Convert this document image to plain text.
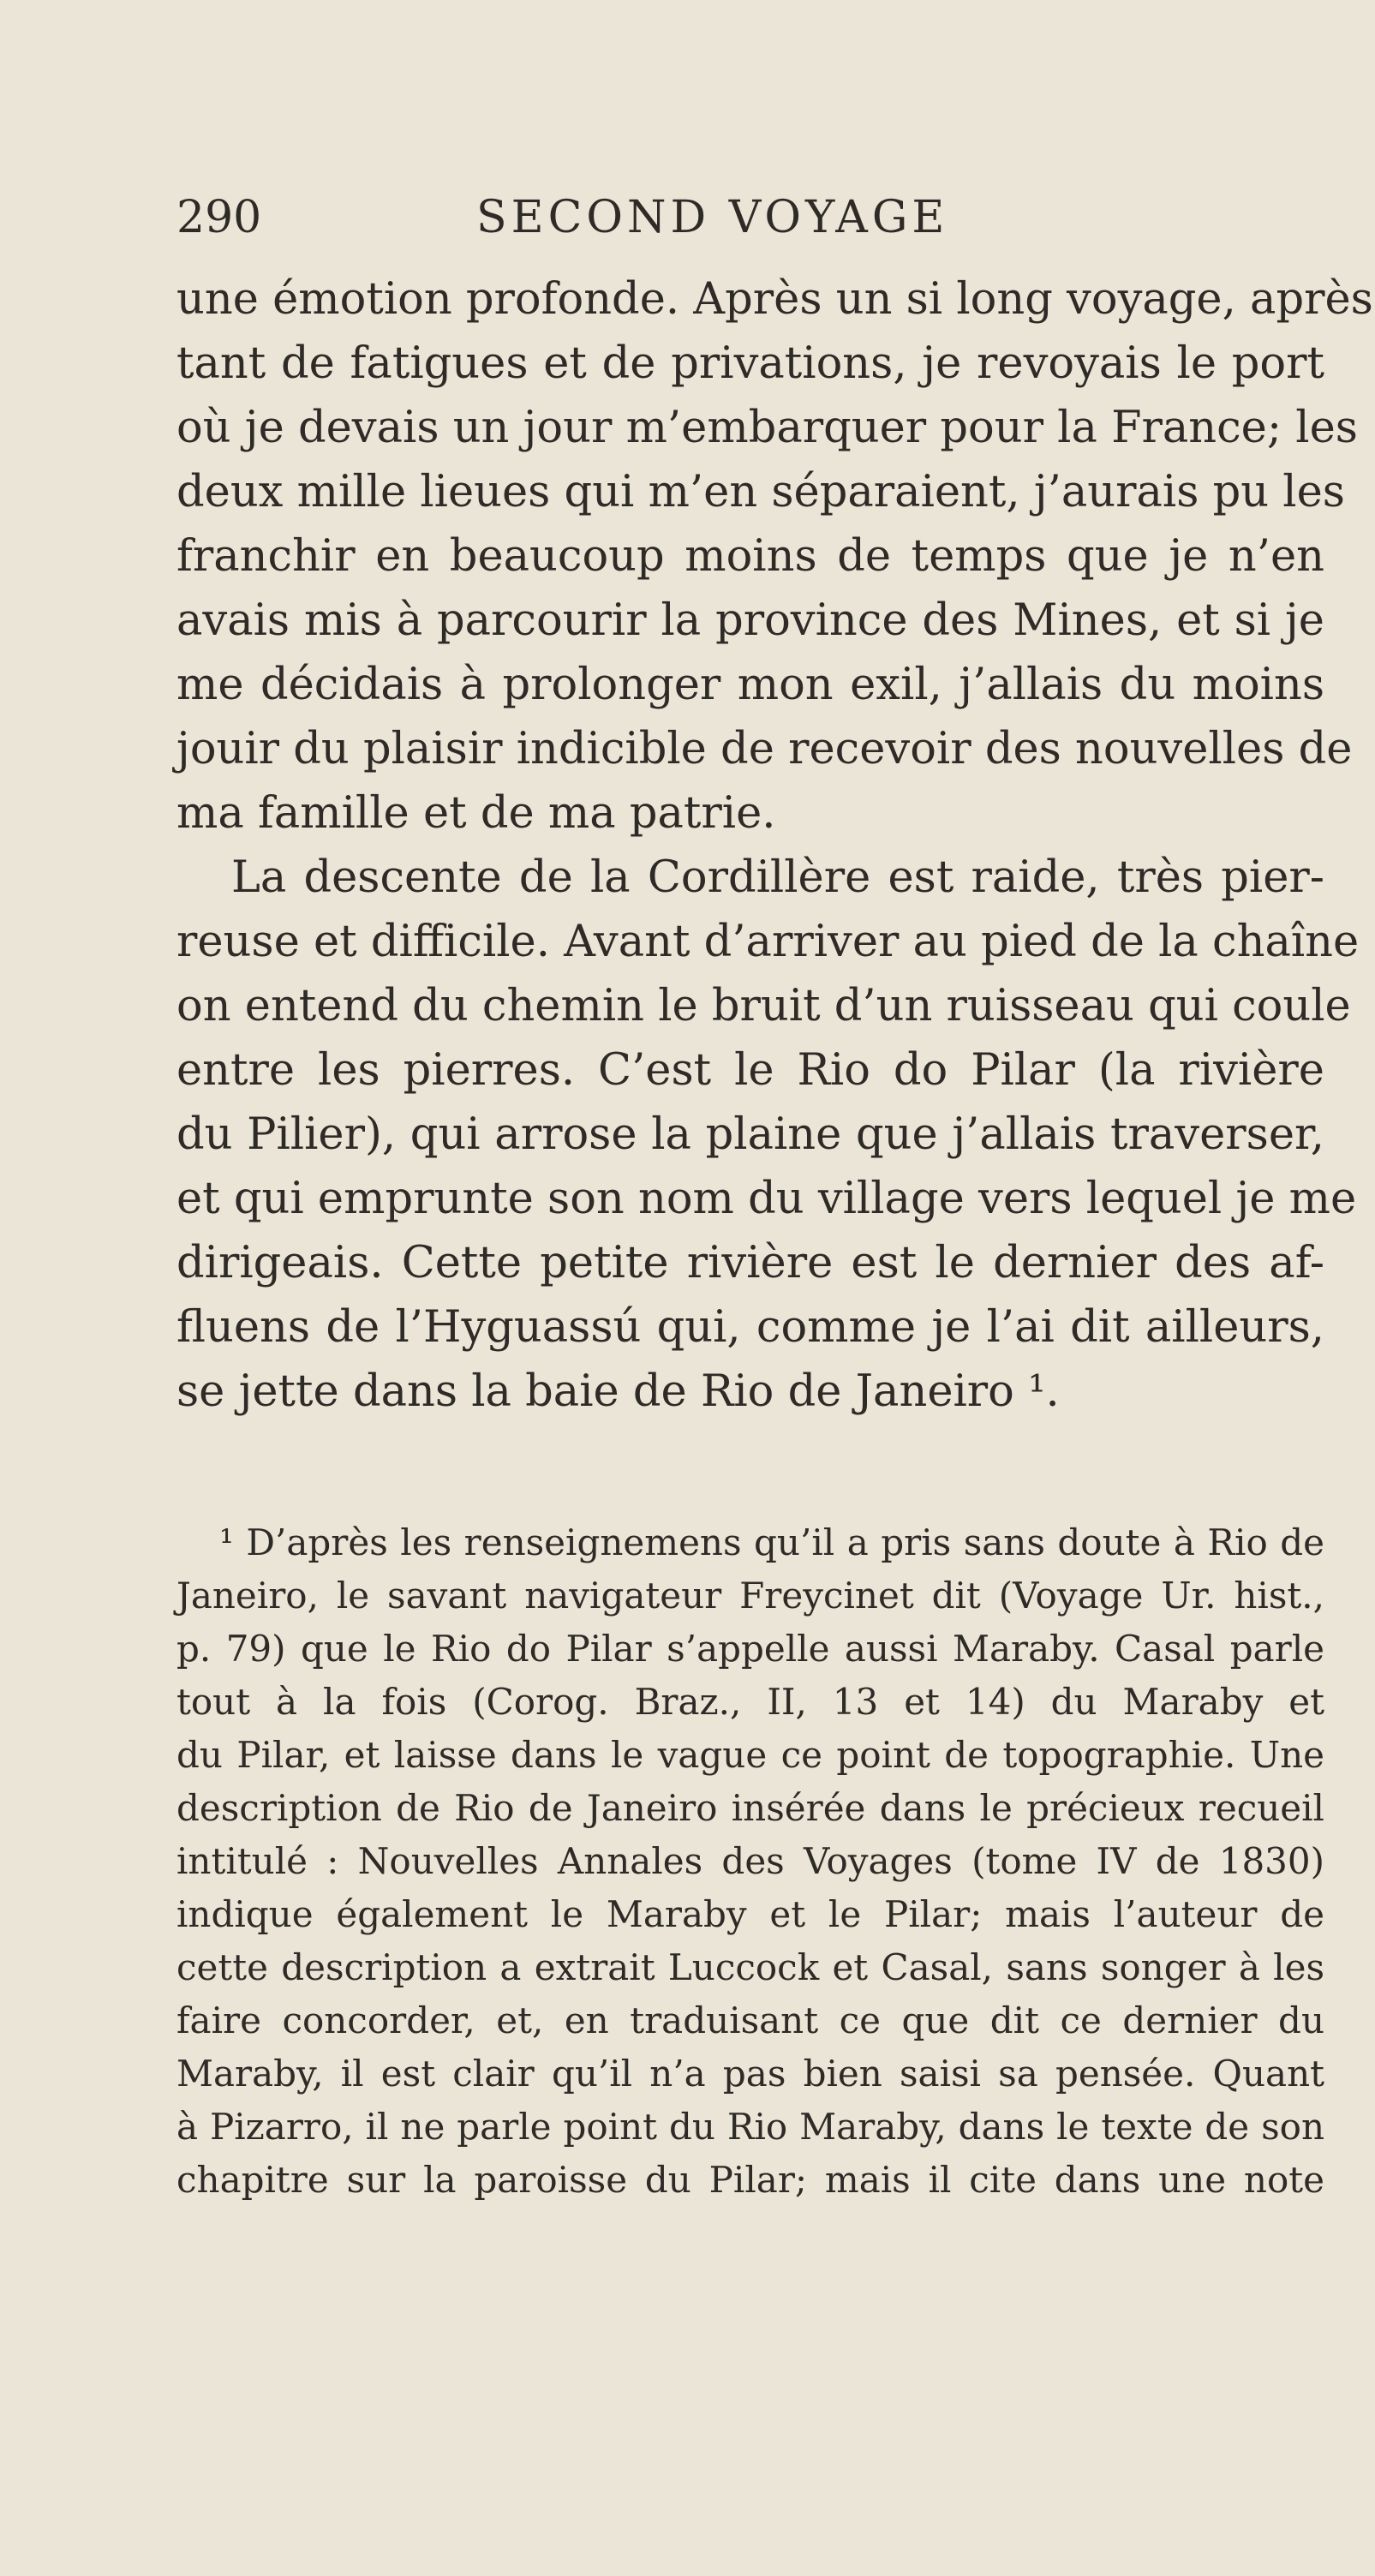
290	SECOND VOYAGE
une émotion profonde. Après un si long voyage, après
tant de fatigues et de privations, je revoyais le port
où je devais un jour m’embarquer pour la France; les
deux mille lieues qui m’en séparaient, j’aurais pu les
franchir en beaucoup moins de temps que je n’en
avais mis à parcourir la province des Mines, et si je
me décidais à prolonger mon exil, j’allais du moins
jouir du plaisir indicible de recevoir des nouvelles de
ma famille et de ma patrie.
La descente de la Cordillère est raide, très pier-
reuse et difficile. Avant d’arriver au pied de la chaîne
on entend du chemin le bruit d’un ruisseau qui coule
entre les pierres. C’est le Rio do Pilar (la rivière
du Pilier), qui arrose la plaine que j’allais traverser,
et qui emprunte son nom du village vers lequel je me
dirigeais. Cette petite rivière est le dernier des af-
fluens de l’Hyguassú qui, comme je l’ai dit ailleurs,
se jette dans la baie de Rio de Janeiro ¹.
¹ D’après les renseignemens qu’il a pris sans doute à Rio de
Janeiro, le savant navigateur Freycinet dit (Voyage Ur. hist.,
p. 79) que le Rio do Pilar s’appelle aussi Maraby. Casal parle
tout à la fois (Corog. Braz., II, 13 et 14) du Maraby et
du Pilar, et laisse dans le vague ce point de topographie. Une
description de Rio de Janeiro insérée dans le précieux recueil
intitulé : Nouvelles Annales des Voyages (tome IV de 1830)
indique également le Maraby et le Pilar; mais l’auteur de
cette description a extrait Luccock et Casal, sans songer à les
faire concorder, et, en traduisant ce que dit ce dernier du
Maraby, il est clair qu’il n’a pas bien saisi sa pensée. Quant
à Pizarro, il ne parle point du Rio Maraby, dans le texte de son
chapitre sur la paroisse du Pilar; mais il cite dans une note
